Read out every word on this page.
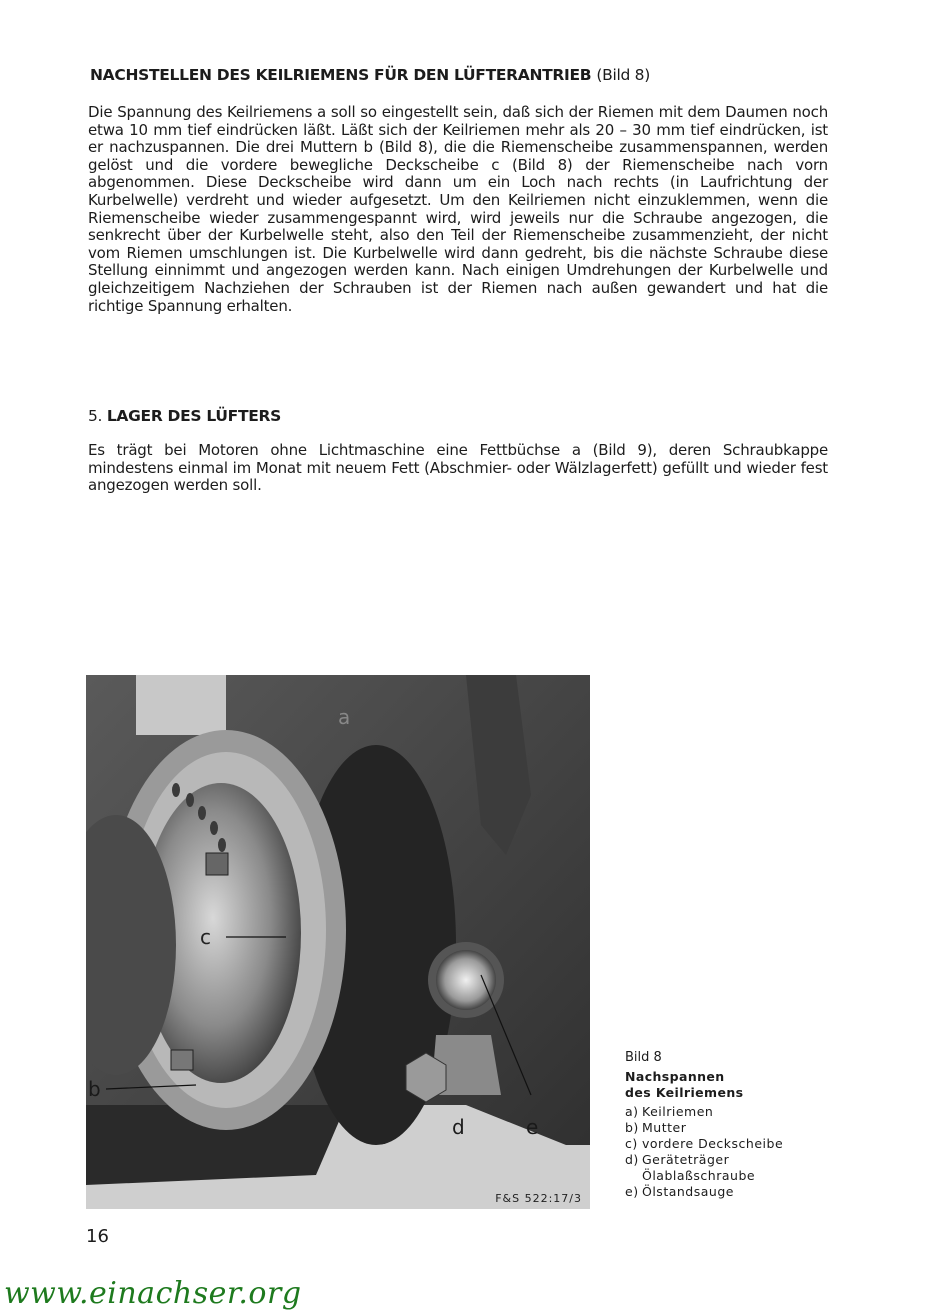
NACHSTELLEN DES KEILRIEMENS FÜR DEN LÜFTERANTRIEB (Bild 8)
Die Spannung des Keilriemens a soll so eingestellt sein, daß sich der Riemen mit dem Daumen noch etwa 10 mm tief eindrücken läßt. Läßt sich der Keilriemen mehr als 20 – 30 mm tief eindrücken, ist er nachzuspannen. Die drei Muttern b (Bild 8), die die Riemenscheibe zusammenspannen, werden gelöst und die vordere bewegliche Deckscheibe c (Bild 8) der Riemenscheibe nach vorn abgenommen. Diese Deckscheibe wird dann um ein Loch nach rechts (in Laufrichtung der Kurbelwelle) verdreht und wieder aufgesetzt. Um den Keilriemen nicht einzuklemmen, wenn die Riemenscheibe wieder zusammengespannt wird, wird jeweils nur die Schraube angezogen, die senkrecht über der Kurbelwelle steht, also den Teil der Riemenscheibe zusammenzieht, der nicht vom Riemen umschlungen ist. Die Kurbelwelle wird dann gedreht, bis die nächste Schraube diese Stellung einnimmt und angezogen werden kann. Nach einigen Umdrehungen der Kurbelwelle und gleichzeitigem Nachziehen der Schrauben ist der Riemen nach außen gewandert und hat die richtige Spannung erhalten.
5. LAGER DES LÜFTERS
Es trägt bei Motoren ohne Lichtmaschine eine Fettbüchse a (Bild 9), deren Schraubkappe mindestens einmal im Monat mit neuem Fett (Abschmier- oder Wälzlagerfett) gefüllt und wieder fest angezogen werden soll.
a
b
c
d	e
F&S 522:17/3
Bild 8
Nachspannen
des Keilriemens
a) Keilriemen
b) Mutter
c) vordere Deckscheibe
d) Geräteträger
Ölablaßschraube
e) Ölstandsauge
16
www.einachser.org
